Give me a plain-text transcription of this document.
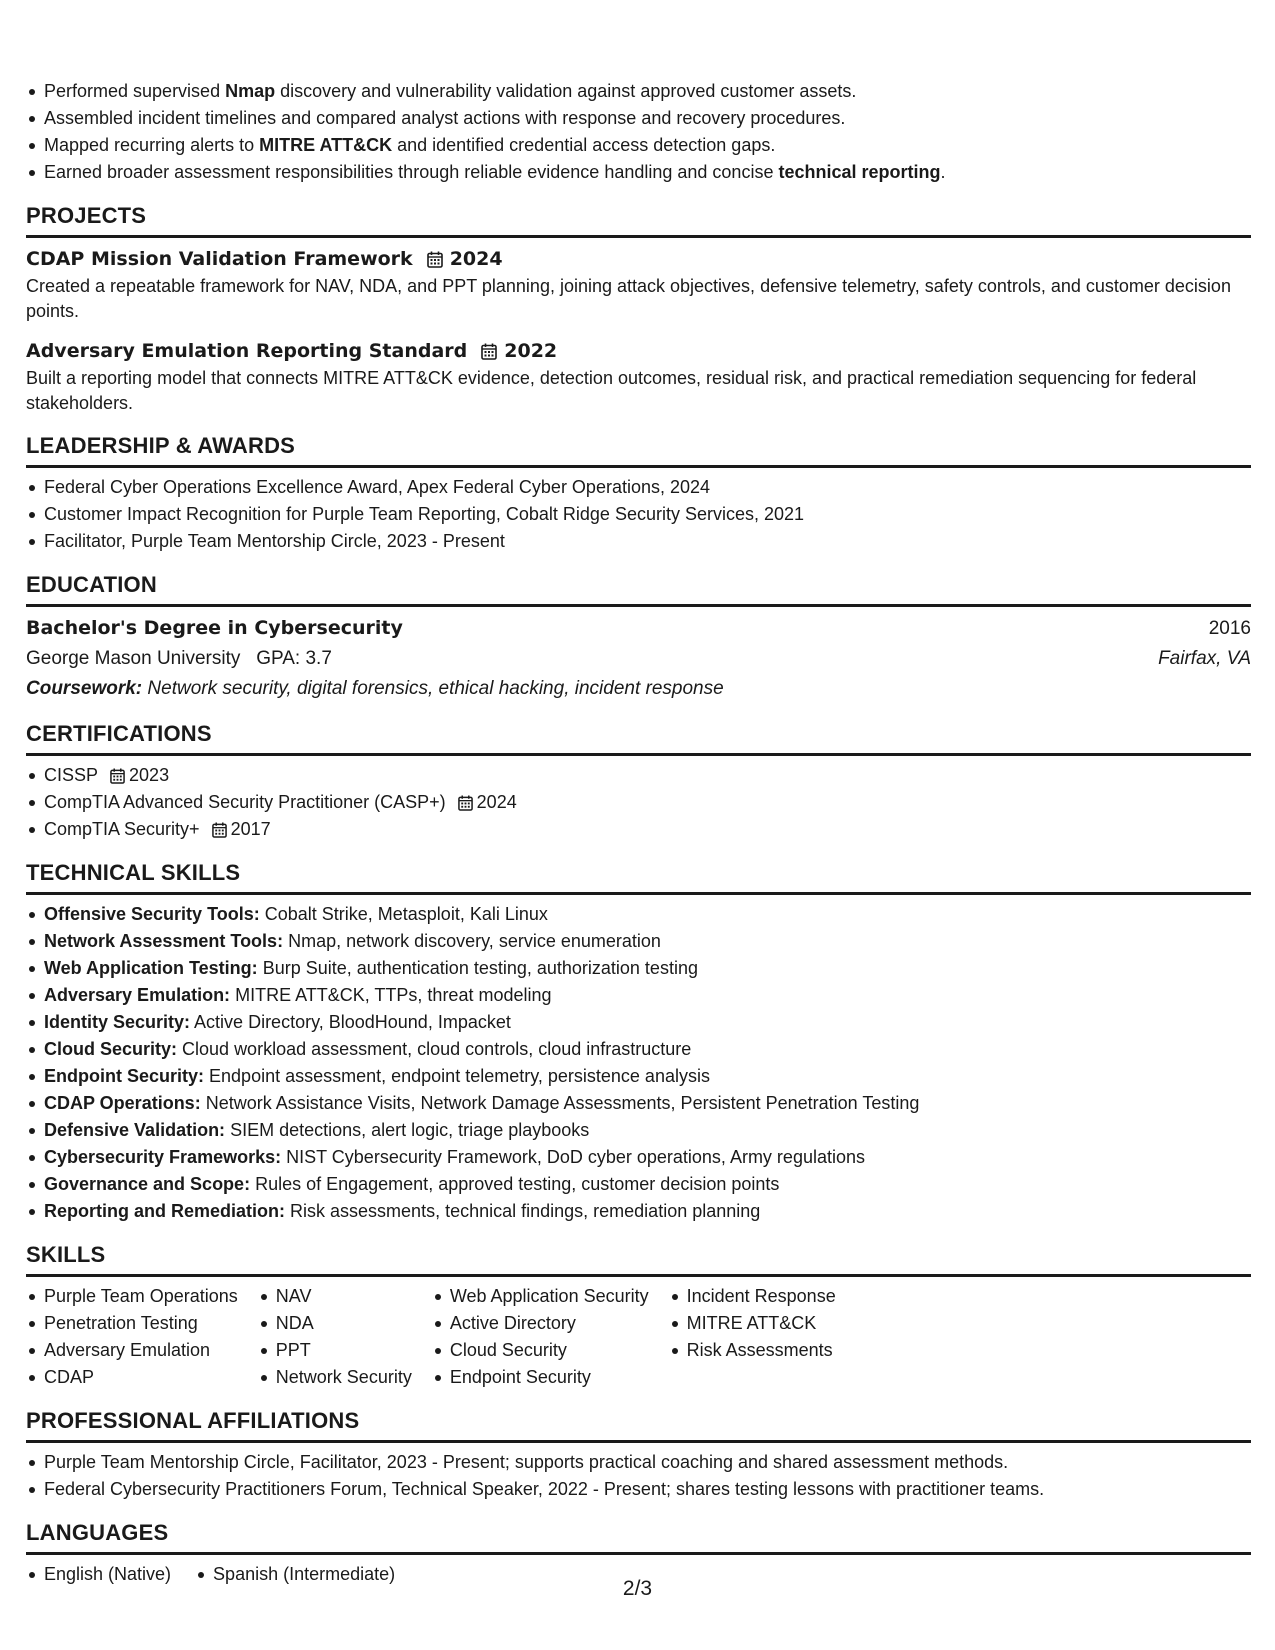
Performed supervised Nmap discovery and vulnerability validation against approved customer assets.
Assembled incident timelines and compared analyst actions with response and recovery procedures.
Mapped recurring alerts to MITRE ATT&CK and identified credential access detection gaps.
Earned broader assessment responsibilities through reliable evidence handling and concise technical reporting.
PROJECTS
CDAP Mission Validation Framework 2024
Created a repeatable framework for NAV, NDA, and PPT planning, joining attack objectives, defensive telemetry, safety controls, and customer decision points.
Adversary Emulation Reporting Standard 2022
Built a reporting model that connects MITRE ATT&CK evidence, detection outcomes, residual risk, and practical remediation sequencing for federal stakeholders.
LEADERSHIP & AWARDS
Federal Cyber Operations Excellence Award, Apex Federal Cyber Operations, 2024
Customer Impact Recognition for Purple Team Reporting, Cobalt Ridge Security Services, 2021
Facilitator, Purple Team Mentorship Circle, 2023 - Present
EDUCATION
Bachelor's Degree in Cybersecurity	2016
George Mason University GPA: 3.7	Fairfax, VA
Coursework:
Network security, digital forensics, ethical hacking, incident response
CERTIFICATIONS
CISSP 2023
CompTIA Advanced Security Practitioner (CASP+) 2024
CompTIA Security+ 2017
TECHNICAL SKILLS
Offensive Security Tools: Cobalt Strike, Metasploit, Kali Linux
Network Assessment Tools: Nmap, network discovery, service enumeration
Web Application Testing: Burp Suite, authentication testing, authorization testing
Adversary Emulation: MITRE ATT&CK, TTPs, threat modeling
Identity Security: Active Directory, BloodHound, Impacket
Cloud Security: Cloud workload assessment, cloud controls, cloud infrastructure
Endpoint Security: Endpoint assessment, endpoint telemetry, persistence analysis
CDAP Operations: Network Assistance Visits, Network Damage Assessments, Persistent Penetration Testing
Defensive Validation: SIEM detections, alert logic, triage playbooks
Cybersecurity Frameworks: NIST Cybersecurity Framework, DoD cyber operations, Army regulations
Governance and Scope: Rules of Engagement, approved testing, customer decision points
Reporting and Remediation: Risk assessments, technical findings, remediation planning
SKILLS
Purple Team Operations
Penetration Testing
Adversary Emulation
CDAP
NAV
NDA
PPT
Network Security
Web Application Security
Active Directory
Cloud Security
Endpoint Security
Incident Response
MITRE ATT&CK
Risk Assessments
PROFESSIONAL AFFILIATIONS
Purple Team Mentorship Circle, Facilitator, 2023 - Present; supports practical coaching and shared assessment methods.
Federal Cybersecurity Practitioners Forum, Technical Speaker, 2022 - Present; shares testing lessons with practitioner teams.
LANGUAGES
English (Native)	Spanish (Intermediate)
2/3
